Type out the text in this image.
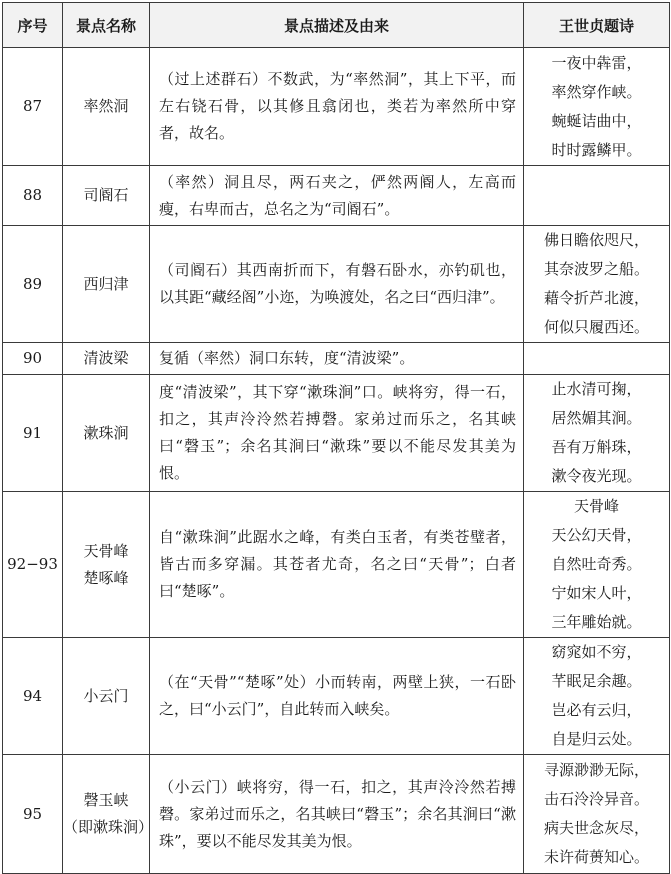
序号	景点名称	景点描述及由来	王世贞题诗
87	率然洞	（过上述群石）不数武，为“率然洞”，其上下平，而左右铙石骨，以其修且翕闭也，类若为率然所中穿者，故名。	一夜中犇雷，
率然穿作峡。
蜿蜒诘曲中，
时时露鳞甲。

88	司阍石	（率然）洞且尽，两石夹之，俨然两阍人，左高而瘦，右卑而古，总名之为“司阍石”。	
89	西归津	（司阍石）其西南折而下，有磐石卧水，亦钓矶也，以其距“藏经阁”小迩，为唤渡处，名之曰“西归津”。	佛日瞻依咫尺，
其奈波罗之船。
藉令折芦北渡，
何似只履西还。

90	清波梁	复循（率然）洞口东转，度“清波梁”。	
91	漱珠涧	度“清波梁”，其下穿“漱珠涧”口。峡将穷，得一石，扣之，其声泠泠然若搏磬。家弟过而乐之，名其峡曰“磬玉”；余名其涧曰“漱珠”要以不能尽发其美为恨。	止水清可掬，
居然媚其涧。
吾有万斛珠，
漱令夜光现。

92−93	天骨峰
楚啄峰	自“漱珠涧”此踞水之峰，有类白玉者，有类苍璧者，皆古而多穿漏。其苍者尤奇，名之曰“天骨”；白者曰“楚啄”。	天骨峰
天公幻天骨，
自然吐奇秀。
宁如宋人叶，
三年雕始就。

94	小云门	（在“天骨”“楚啄”处）小而转南，两壁上狭，一石卧之，曰“小云门”，自此转而入峡矣。	窈窕如不穷，
芊眠足余趣。
岂必有云归，
自是归云处。

95	磬玉峡
（即漱珠涧）	（小云门）峡将穷，得一石，扣之，其声泠泠然若搏磬。家弟过而乐之，名其峡曰“磬玉”；余名其涧曰“漱珠”，要以不能尽发其美为恨。	寻源渺渺无际，
击石泠泠异音。
病夫世念灰尽，
未许荷蒉知心。
